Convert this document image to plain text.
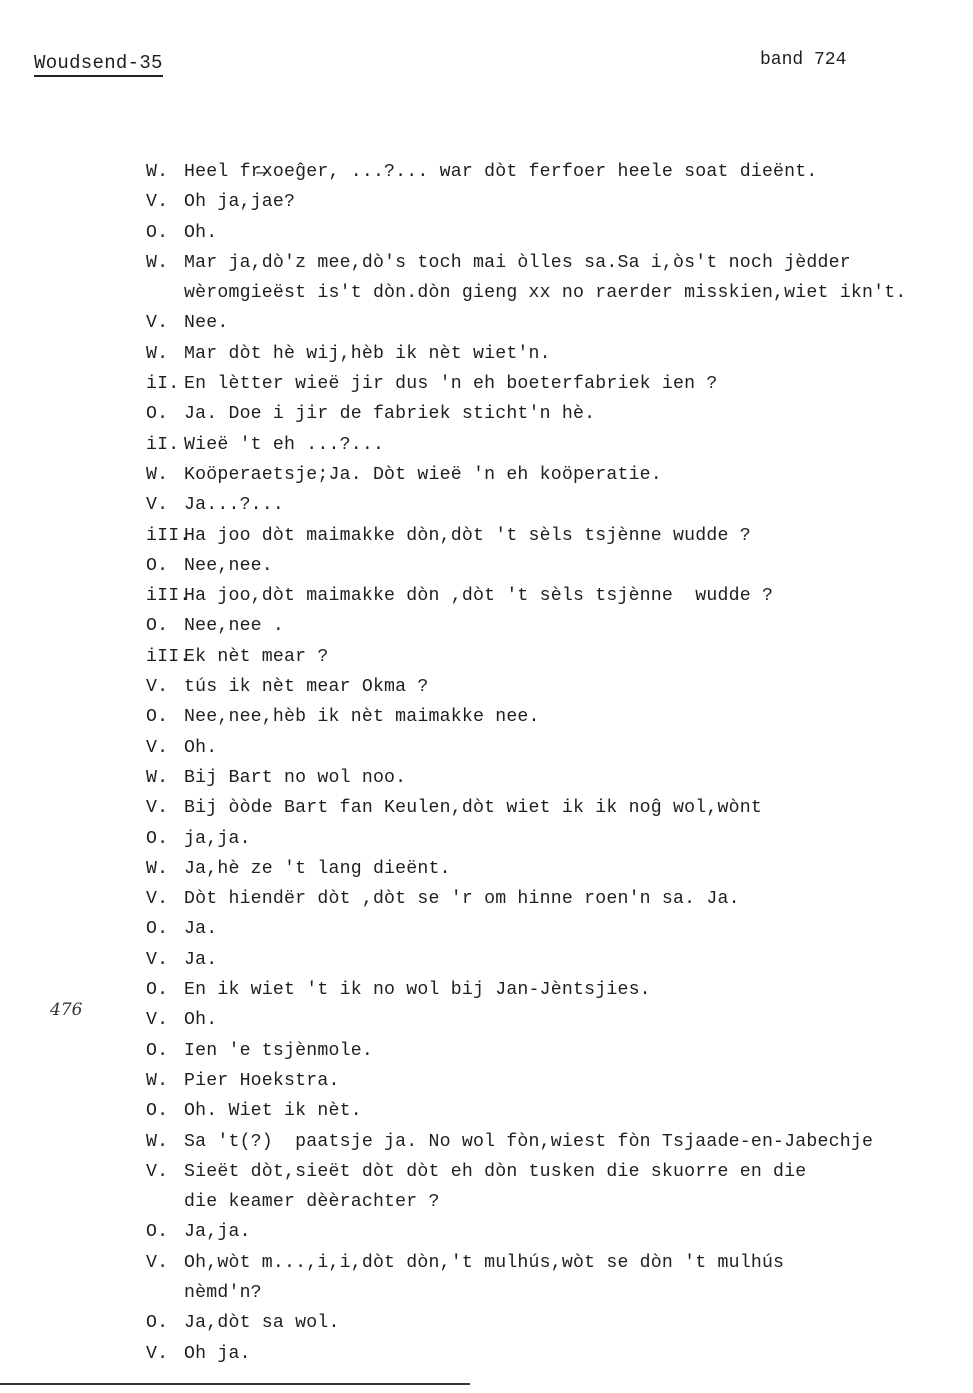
Woudsend-35	band 724
476
W. Heel fr̶xoeĝer, ...?... war dòt ferfoer heele soat dieënt.
V. Oh ja,jae?
O. Oh.
W. Mar ja,dò'z mee,dò's toch mai òlles sa.Sa i,òs't noch jèdder
wèromgieëst is't dòn.dòn gieng xx no raerder misskien,wiet ikn't.
V. Nee.
W. Mar dòt hè wij,hèb ik nèt wiet'n.
iI. En lètter wieë jir dus 'n eh boeterfabriek ien ?
O. Ja. Doe i jir de fabriek sticht'n hè.
iI. Wieë 't eh ...?...
W. Koöperaetsje;Ja. Dòt wieë 'n eh koöperatie.
V. Ja...?...
iII.Ha joo dòt maimakke dòn,dòt 't sèls tsjènne wudde ?
O. Nee,nee.
iII.Ha joo,dòt maimakke dòn ,dòt 't sèls tsjènne  wudde ?
O. Nee,nee .
iII.Ek nèt mear ?
V. tús ik nèt mear Okma ?
O. Nee,nee,hèb ik nèt maimakke nee.
V. Oh.
W. Bij Bart no wol noo.
V. Bij òòde Bart fan Keulen,dòt wiet ik ik noĝ wol,wònt
O. ja,ja.
W. Ja,hè ze 't lang dieënt.
V. Dòt hiendër dòt ,dòt se 'r om hinne roen'n sa. Ja.
O. Ja.
V. Ja.
O. En ik wiet 't ik no wol bij Jan-Jèntsjies.
V. Oh.
O. Ien 'e tsjènmole.
W. Pier Hoekstra.
O. Oh. Wiet ik nèt.
W. Sa 't(?)  paatsje ja. No wol fòn,wiest fòn Tsjaade-en-Jabechje
V. Sieët dòt,sieët dòt dòt eh dòn tusken die skuorre en die
die keamer dèèrachter ?
O. Ja,ja.
V. Oh,wòt m...,i,i,dòt dòn,'t mulhús,wòt se dòn 't mulhús
nèmd'n?
O. Ja,dòt sa wol.
V. Oh ja.
